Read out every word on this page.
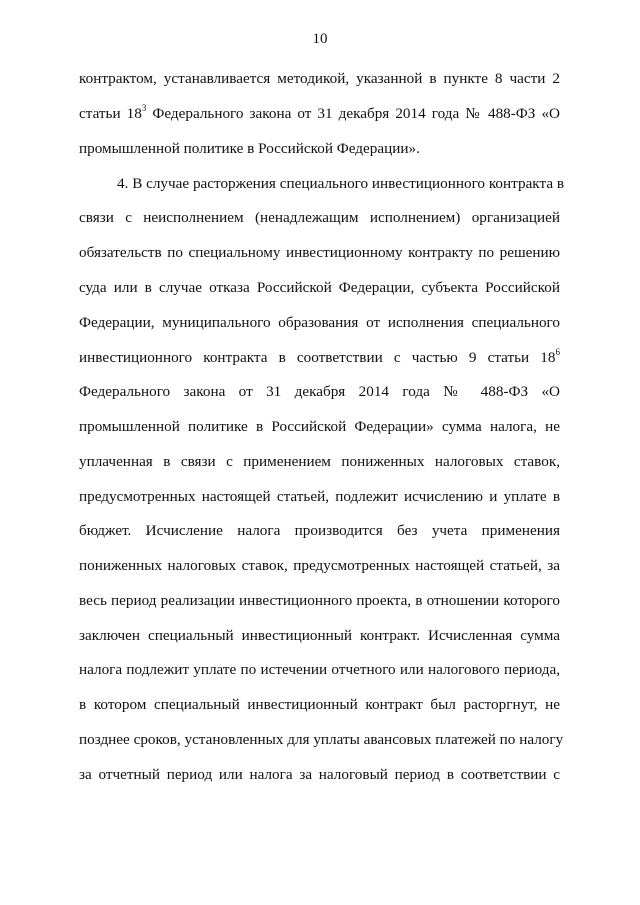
10
контрактом, устанавливается методикой, указанной в пункте 8 части 2
статьи $18^3$ Федерального закона от 31 декабря 2014 года № 488-ФЗ «О
промышленной политике в Российской Федерации».
4. В случае расторжения специального инвестиционного контракта в
связи с неисполнением (ненадлежащим исполнением) организацией
обязательств по специальному инвестиционному контракту по решению
суда или в случае отказа Российской Федерации, субъекта Российской
Федерации, муниципального образования от исполнения специального
инвестиционного контракта в соответствии с частью 9 статьи $18^6$
Федерального закона от 31 декабря 2014 года № 488-ФЗ «О
промышленной политике в Российской Федерации» сумма налога, не
уплаченная в связи с применением пониженных налоговых ставок,
предусмотренных настоящей статьей, подлежит исчислению и уплате в
бюджет. Исчисление налога производится без учета применения
пониженных налоговых ставок, предусмотренных настоящей статьей, за
весь период реализации инвестиционного проекта, в отношении которого
заключен специальный инвестиционный контракт. Исчисленная сумма
налога подлежит уплате по истечении отчетного или налогового периода,
в котором специальный инвестиционный контракт был расторгнут, не
позднее сроков, установленных для уплаты авансовых платежей по налогу
за отчетный период или налога за налоговый период в соответствии с
